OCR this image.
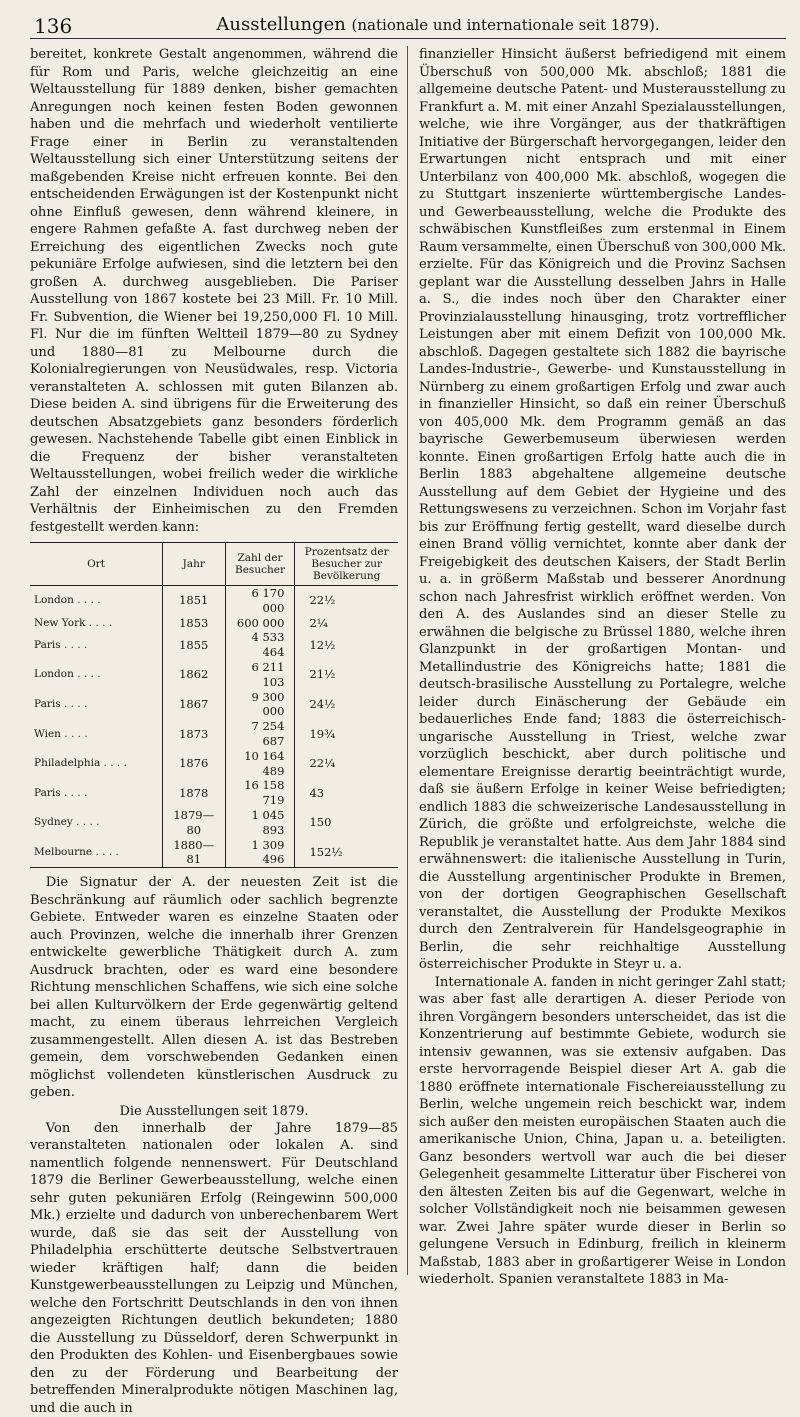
136	Ausstellungen (nationale und internationale seit 1879).

bereitet, konkrete Gestalt angenommen, während die für Rom und Paris, welche gleichzeitig an eine Weltausstellung für 1889 denken, bisher gemachten Anregungen noch keinen festen Boden gewonnen haben und die mehrfach und wiederholt ventilierte Frage einer in Berlin zu veranstaltenden Weltausstellung sich einer Unterstützung seitens der maßgebenden Kreise nicht erfreuen konnte. Bei den entscheidenden Erwägungen ist der Kostenpunkt nicht ohne Einfluß gewesen, denn während kleinere, in engere Rahmen gefaßte A. fast durchweg neben der Erreichung des eigentlichen Zwecks noch gute pekuniäre Erfolge aufwiesen, sind die letztern bei den großen A. durchweg ausgeblieben. Die Pariser Ausstellung von 1867 kostete bei 23 Mill. Fr. 10 Mill. Fr. Subvention, die Wiener bei 19,250,000 Fl. 10 Mill. Fl. Nur die im fünften Weltteil 1879—80 zu Sydney und 1880—81 zu Melbourne durch die Kolonialregierungen von Neusüdwales, resp. Victoria veranstalteten A. schlossen mit guten Bilanzen ab. Diese beiden A. sind übrigens für die Erweiterung des deutschen Absatzgebiets ganz besonders förderlich gewesen. Nachstehende Tabelle gibt einen Einblick in die Frequenz der bisher veranstalteten Weltausstellungen, wobei freilich weder die wirkliche Zahl der einzelnen Individuen noch auch das Verhältnis der Einheimischen zu den Fremden festgestellt werden kann:

Ort	Jahr	Zahl der Besucher	Prozentsatz der Besucher zur Bevölkerung
London . . . .	1851	6 170 000	22½
New York . . . .	1853	600 000	2¼
Paris . . . .	1855	4 533 464	12½
London . . . .	1862	6 211 103	21½
Paris . . . .	1867	9 300 000	24½
Wien . . . .	1873	7 254 687	19¾
Philadelphia . . . .	1876	10 164 489	22¼
Paris . . . .	1878	16 158 719	43
Sydney . . . .	1879—80	1 045 893	150
Melbourne . . . .	1880—81	1 309 496	152½

Die Signatur der A. der neuesten Zeit ist die Beschränkung auf räumlich oder sachlich begrenzte Gebiete. Entweder waren es einzelne Staaten oder auch Provinzen, welche die innerhalb ihrer Grenzen entwickelte gewerbliche Thätigkeit durch A. zum Ausdruck brachten, oder es ward eine besondere Richtung menschlichen Schaffens, wie sich eine solche bei allen Kulturvölkern der Erde gegenwärtig geltend macht, zu einem überaus lehrreichen Vergleich zusammengestellt. Allen diesen A. ist das Bestreben gemein, dem vorschwebenden Gedanken einen möglichst vollendeten künstlerischen Ausdruck zu geben.

Die Ausstellungen seit 1879.

Von den innerhalb der Jahre 1879—85 veranstalteten nationalen oder lokalen A. sind namentlich folgende nennenswert. Für Deutschland 1879 die Berliner Gewerbeausstellung, welche einen sehr guten pekuniären Erfolg (Reingewinn 500,000 Mk.) erzielte und dadurch von unberechenbarem Wert wurde, daß sie das seit der Ausstellung von Philadelphia erschütterte deutsche Selbstvertrauen wieder kräftigen half; dann die beiden Kunstgewerbeausstellungen zu Leipzig und München, welche den Fortschritt Deutschlands in den von ihnen angezeigten Richtungen deutlich bekundeten; 1880 die Ausstellung zu Düsseldorf, deren Schwerpunkt in den Produkten des Kohlen- und Eisenbergbaues sowie den zu der Förderung und Bearbeitung der betreffenden Mineralprodukte nötigen Maschinen lag, und die auch in

finanzieller Hinsicht äußerst befriedigend mit einem Überschuß von 500,000 Mk. abschloß; 1881 die allgemeine deutsche Patent- und Musterausstellung zu Frankfurt a. M. mit einer Anzahl Spezialausstellungen, welche, wie ihre Vorgänger, aus der thatkräftigen Initiative der Bürgerschaft hervorgegangen, leider den Erwartungen nicht entsprach und mit einer Unterbilanz von 400,000 Mk. abschloß, wogegen die zu Stuttgart inszenierte württembergische Landes- und Gewerbeausstellung, welche die Produkte des schwäbischen Kunstfleißes zum erstenmal in Einem Raum versammelte, einen Überschuß von 300,000 Mk. erzielte. Für das Königreich und die Provinz Sachsen geplant war die Ausstellung desselben Jahrs in Halle a. S., die indes noch über den Charakter einer Provinzialausstellung hinausging, trotz vortrefflicher Leistungen aber mit einem Defizit von 100,000 Mk. abschloß. Dagegen gestaltete sich 1882 die bayrische Landes-Industrie-, Gewerbe- und Kunstausstellung in Nürnberg zu einem großartigen Erfolg und zwar auch in finanzieller Hinsicht, so daß ein reiner Überschuß von 405,000 Mk. dem Programm gemäß an das bayrische Gewerbemuseum überwiesen werden konnte. Einen großartigen Erfolg hatte auch die in Berlin 1883 abgehaltene allgemeine deutsche Ausstellung auf dem Gebiet der Hygieine und des Rettungswesens zu verzeichnen. Schon im Vorjahr fast bis zur Eröffnung fertig gestellt, ward dieselbe durch einen Brand völlig vernichtet, konnte aber dank der Freigebigkeit des deutschen Kaisers, der Stadt Berlin u. a. in größerm Maßstab und besserer Anordnung schon nach Jahresfrist wirklich eröffnet werden. Von den A. des Auslandes sind an dieser Stelle zu erwähnen die belgische zu Brüssel 1880, welche ihren Glanzpunkt in der großartigen Montan- und Metallindustrie des Königreichs hatte; 1881 die deutsch-brasilische Ausstellung zu Portalegre, welche leider durch Einäscherung der Gebäude ein bedauerliches Ende fand; 1883 die österreichisch-ungarische Ausstellung in Triest, welche zwar vorzüglich beschickt, aber durch politische und elementare Ereignisse derartig beeinträchtigt wurde, daß sie äußern Erfolge in keiner Weise befriedigten; endlich 1883 die schweizerische Landesausstellung in Zürich, die größte und erfolgreichste, welche die Republik je veranstaltet hatte. Aus dem Jahr 1884 sind erwähnenswert: die italienische Ausstellung in Turin, die Ausstellung argentinischer Produkte in Bremen, von der dortigen Geographischen Gesellschaft veranstaltet, die Ausstellung der Produkte Mexikos durch den Zentralverein für Handelsgeographie in Berlin, die sehr reichhaltige Ausstellung österreichischer Produkte in Steyr u. a.

Internationale A. fanden in nicht geringer Zahl statt; was aber fast alle derartigen A. dieser Periode von ihren Vorgängern besonders unterscheidet, das ist die Konzentrierung auf bestimmte Gebiete, wodurch sie intensiv gewannen, was sie extensiv aufgaben. Das erste hervorragende Beispiel dieser Art A. gab die 1880 eröffnete internationale Fischereiausstellung zu Berlin, welche ungemein reich beschickt war, indem sich außer den meisten europäischen Staaten auch die amerikanische Union, China, Japan u. a. beteiligten. Ganz besonders wertvoll war auch die bei dieser Gelegenheit gesammelte Litteratur über Fischerei von den ältesten Zeiten bis auf die Gegenwart, welche in solcher Vollständigkeit noch nie beisammen gewesen war. Zwei Jahre später wurde dieser in Berlin so gelungene Versuch in Edinburg, freilich in kleinerm Maßstab, 1883 aber in großartigerer Weise in London wiederholt. Spanien veranstaltete 1883 in Ma-
